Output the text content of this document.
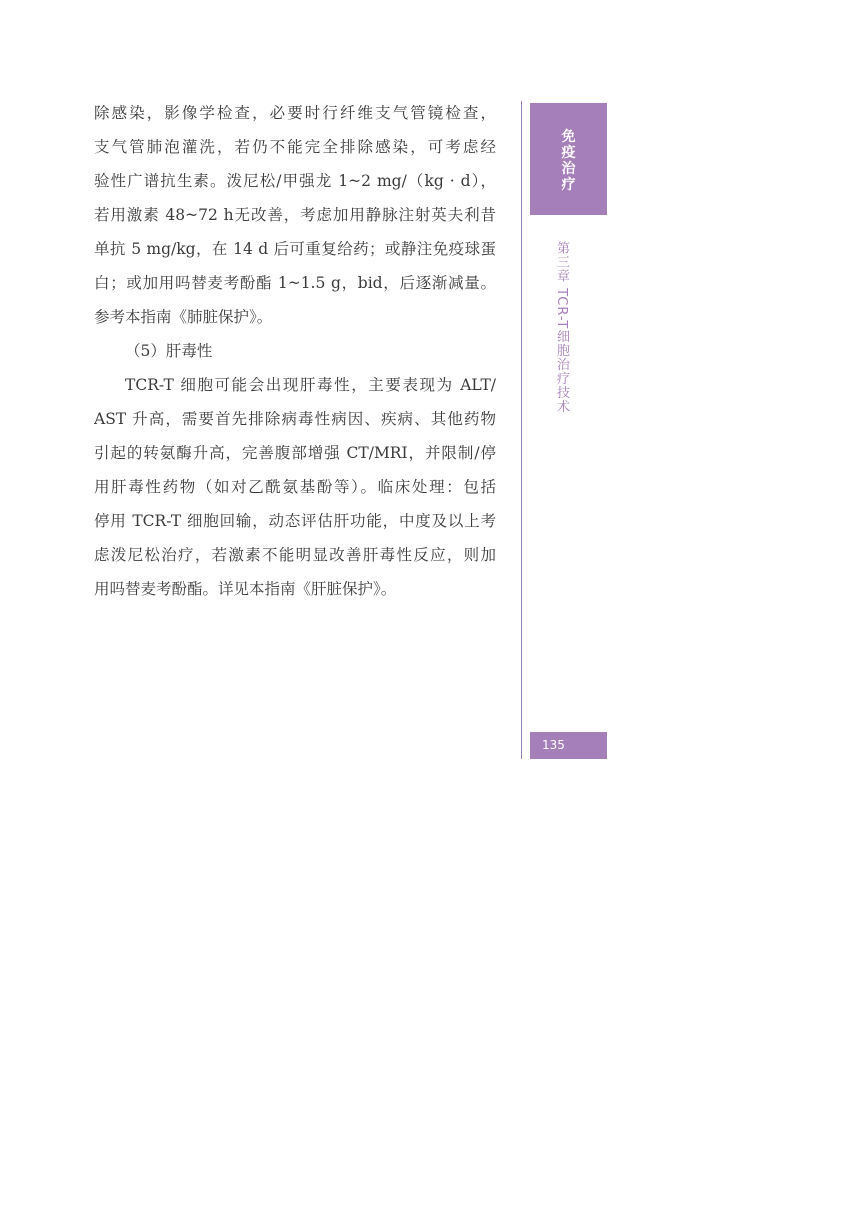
除感染，影像学检查，必要时行纤维支气管镜检查，
支气管肺泡灌洗，若仍不能完全排除感染，可考虑经
验性广谱抗生素。泼尼松/甲强龙 1~2 mg/（kg · d），
若用激素 48~72 h无改善，考虑加用静脉注射英夫利昔
单抗 5 mg/kg，在 14 d 后可重复给药；或静注免疫球蛋
白；或加用吗替麦考酚酯 1~1.5 g，bid，后逐渐减量。
参考本指南《肺脏保护》。
（5）肝毒性
TCR-T 细胞可能会出现肝毒性，主要表现为 ALT/
AST 升高，需要首先排除病毒性病因、疾病、其他药物
引起的转氨酶升高，完善腹部增强 CT/MRI，并限制/停
用肝毒性药物（如对乙酰氨基酚等）。临床处理：包括
停用 TCR-T 细胞回输，动态评估肝功能，中度及以上考
虑泼尼松治疗，若激素不能明显改善肝毒性反应，则加
用吗替麦考酚酯。详见本指南《肝脏保护》。
免疫治疗
第三章 TCR-T细胞治疗技术
135
